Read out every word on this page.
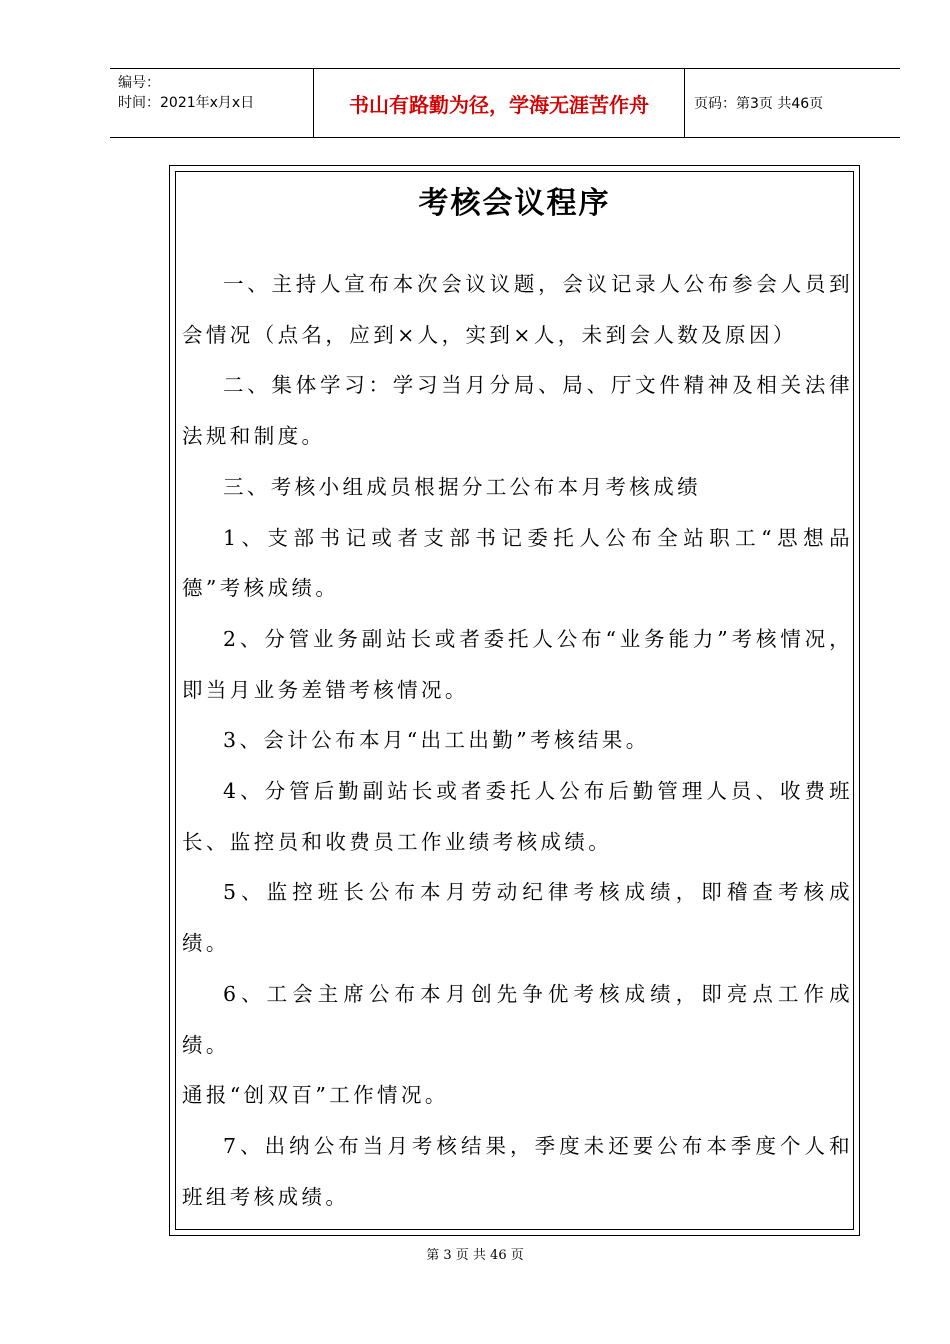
编号：
时间：2021年x月x日	书山有路勤为径，学海无涯苦作舟	页码：第3页 共46页
考核会议程序

一、主持人宣布本次会议议题，会议记录人公布参会人员到会情况（点名，应到×人，实到×人，未到会人数及原因）

二、集体学习：学习当月分局、局、厅文件精神及相关法律法规和制度。

三、考核小组成员根据分工公布本月考核成绩

1、支部书记或者支部书记委托人公布全站职工“思想品德”考核成绩。

2、分管业务副站长或者委托人公布“业务能力”考核情况，即当月业务差错考核情况。

3、会计公布本月“出工出勤”考核结果。

4、分管后勤副站长或者委托人公布后勤管理人员、收费班长、监控员和收费员工作业绩考核成绩。

5、监控班长公布本月劳动纪律考核成绩，即稽查考核成绩。

6、工会主席公布本月创先争优考核成绩，即亮点工作成绩。

通报“创双百”工作情况。

7、出纳公布当月考核结果，季度未还要公布本季度个人和班组考核成绩。

第 3 页 共 46 页
